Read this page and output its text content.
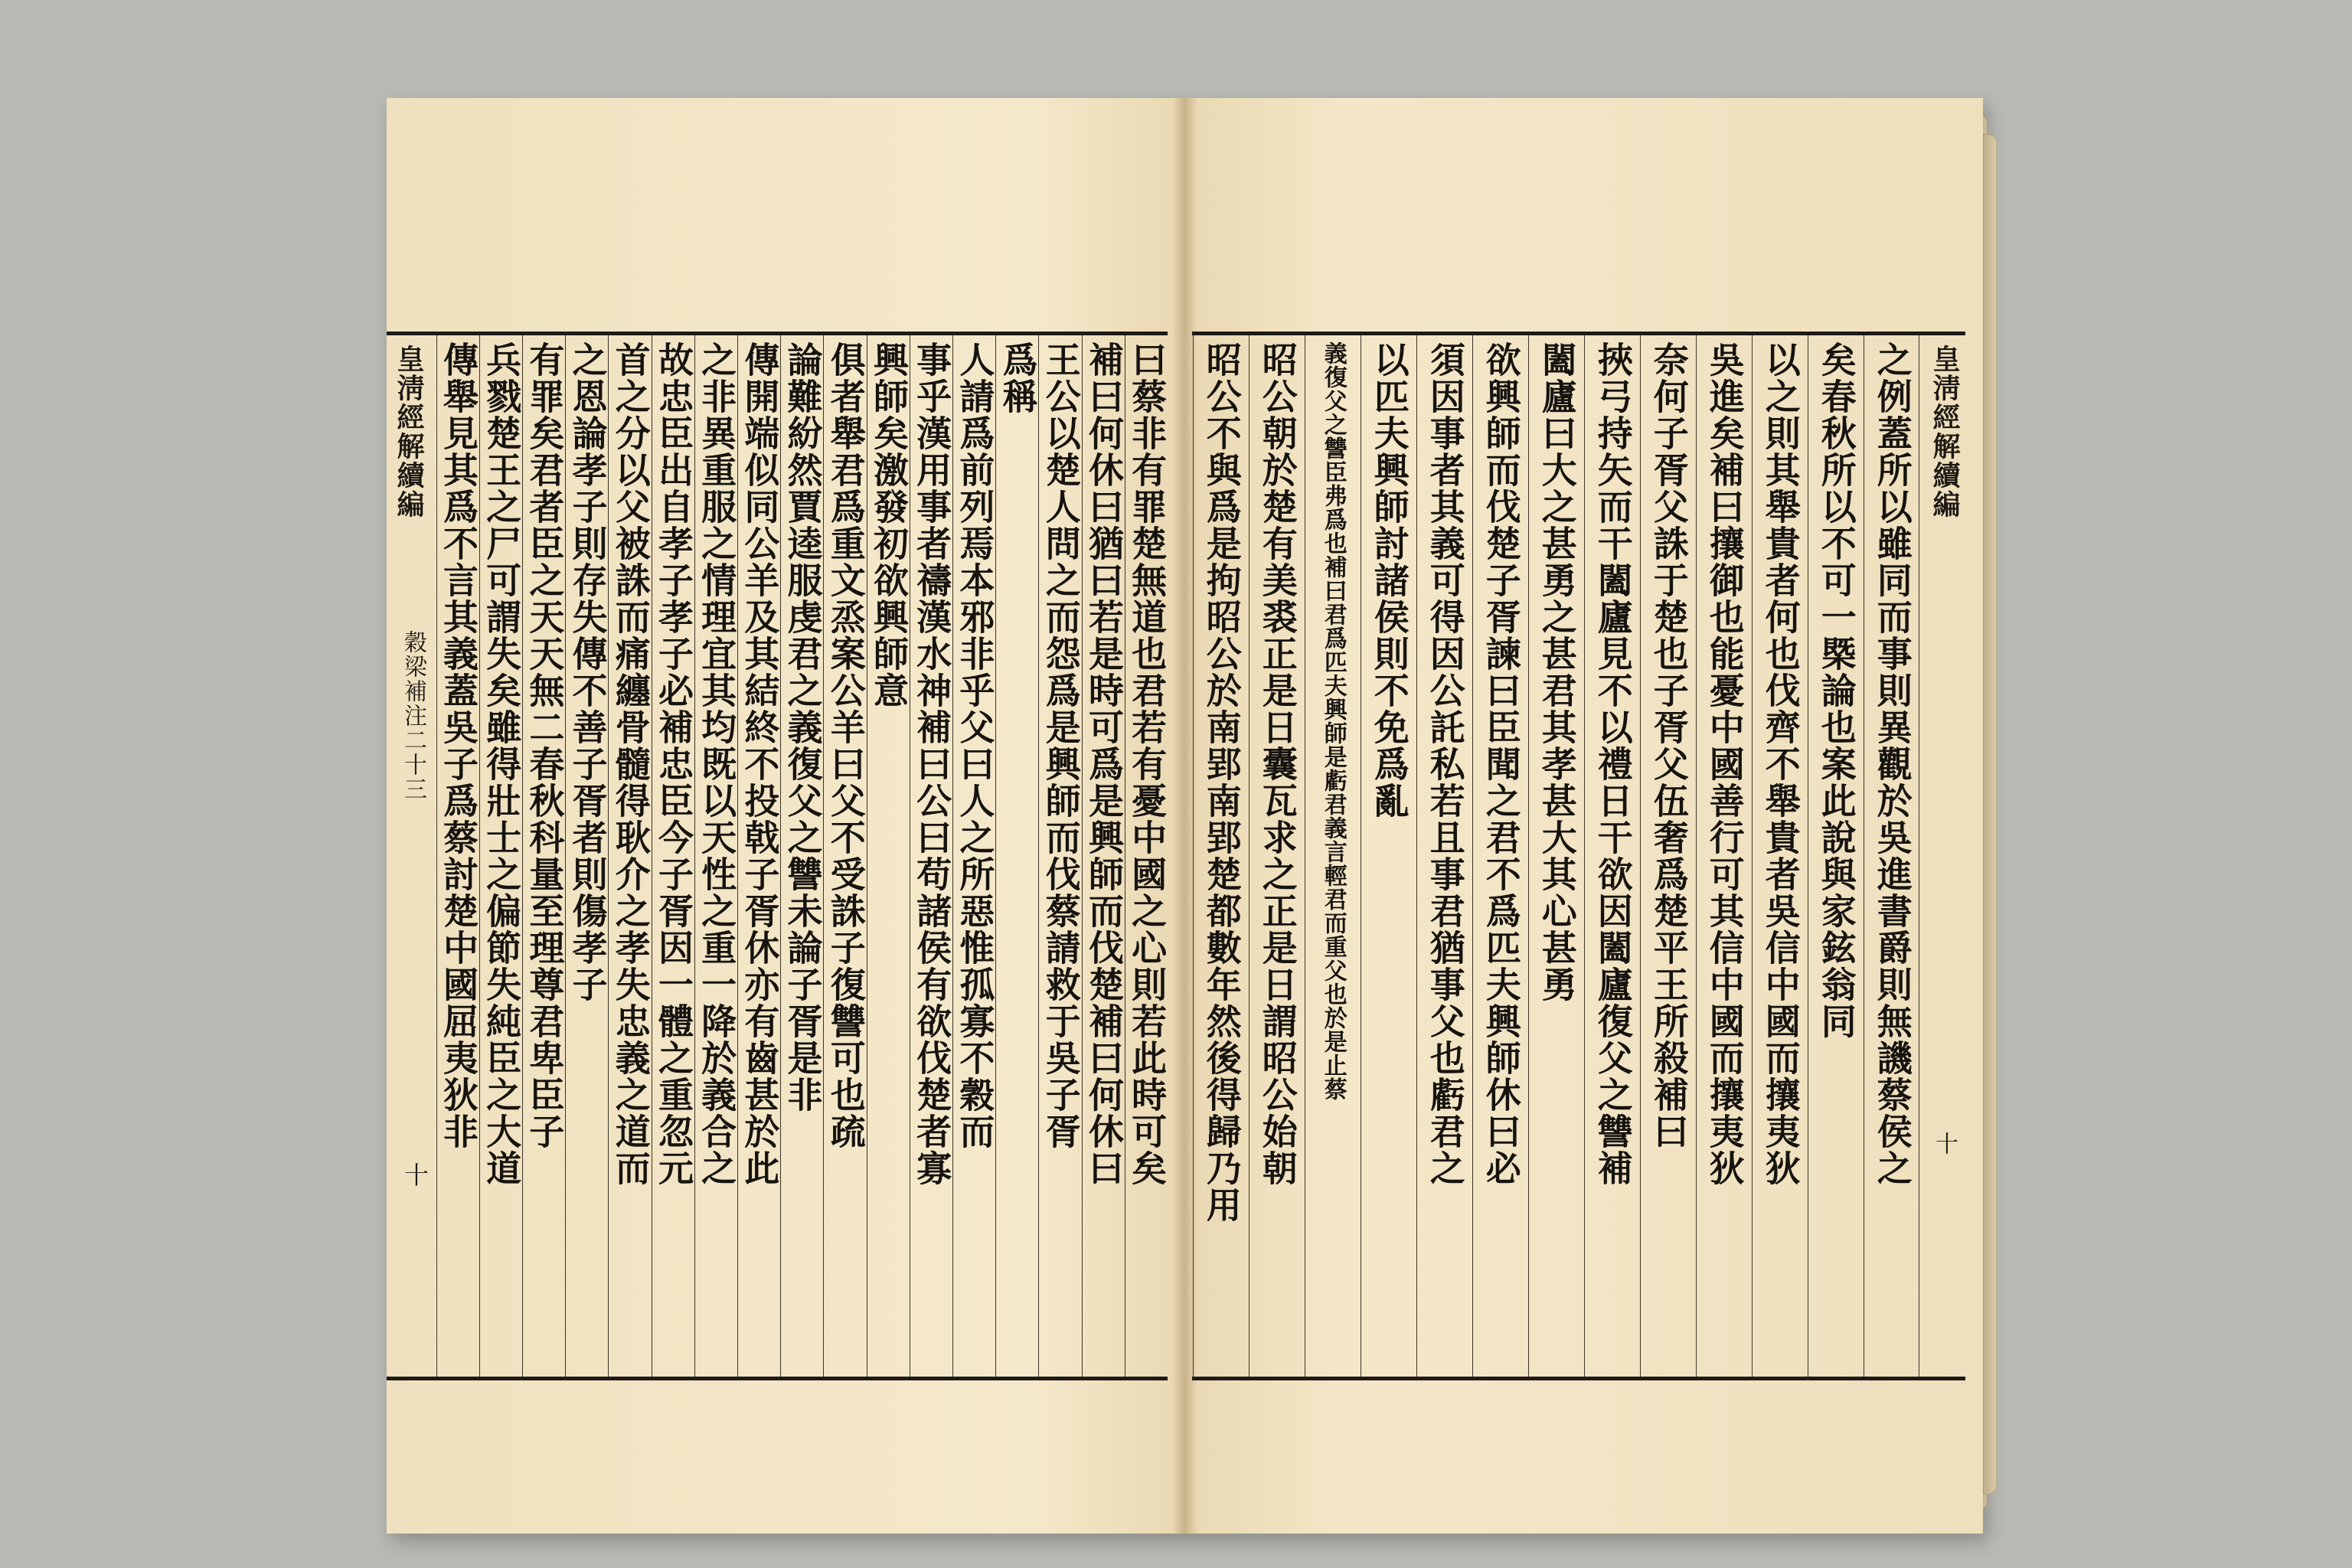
皇淸經解續編
穀梁補注二十三
十	曰蔡非有罪楚無道也君若有憂中國之心則若此時可矣
補曰何休曰猶曰若是時可爲是興師而伐楚補曰何休曰
王公以楚人問之而怨爲是興師而伐蔡請救于吳子胥
爲稱
人請爲前列焉本邪非乎父曰人之所惡惟孤寡不穀而
事乎漢用事者禱漢水神補曰公曰苟諸侯有欲伐楚者寡
興師矣激發初欲興師意
俱者舉君爲重文烝案公羊曰父不受誅子復讐可也疏
論難紛然賈逵服虔君之義復父之讐未論子胥是非
傳開端似同公羊及其結終不投戟子胥休亦有齒甚於此
之非異重服之情理宜其均既以天性之重一降於義合之
故忠臣出自孝子孝子必補忠臣今子胥因一體之重忽元
首之分以父被誅而痛纏骨髓得耿介之孝失忠義之道而
之恩論孝子則存失傳不善子胥者則傷孝子
有罪矣君者臣之天天無二春秋科量至理尊君卑臣子
兵戮楚王之尸可謂失矣雖得壯士之偏節失純臣之大道
傳舉見其爲不言其義蓋吳子爲蔡討楚中國屈夷狄非	皇淸經解續編
十
之例蓋所以雖同而事則異觀於吳進書爵則無譏蔡侯之
矣春秋所以不可一槩論也案此說與家鉉翁同
以之則其舉貴者何也伐齊不舉貴者吳信中國而攘夷狄
吳進矣補曰攘御也能憂中國善行可其信中國而攘夷狄
奈何子胥父誅于楚也子胥父伍奢爲楚平王所殺補曰
挾弓持矢而干闔廬見不以禮日干欲因闔廬復父之讐補
闔廬曰大之甚勇之甚君其孝甚大其心甚勇
欲興師而伐楚子胥諫曰臣聞之君不爲匹夫興師休曰必
須因事者其義可得因公託私若且事君猶事父也虧君之
以匹夫興師討諸侯則不免爲亂
義復父之讐臣弗爲也補曰君爲匹夫興師是虧君義言輕君而重父也於是止蔡
昭公朝於楚有美裘正是日囊瓦求之正是日謂昭公始朝
昭公不與爲是拘昭公於南郢南郢楚都數年然後得歸乃用
